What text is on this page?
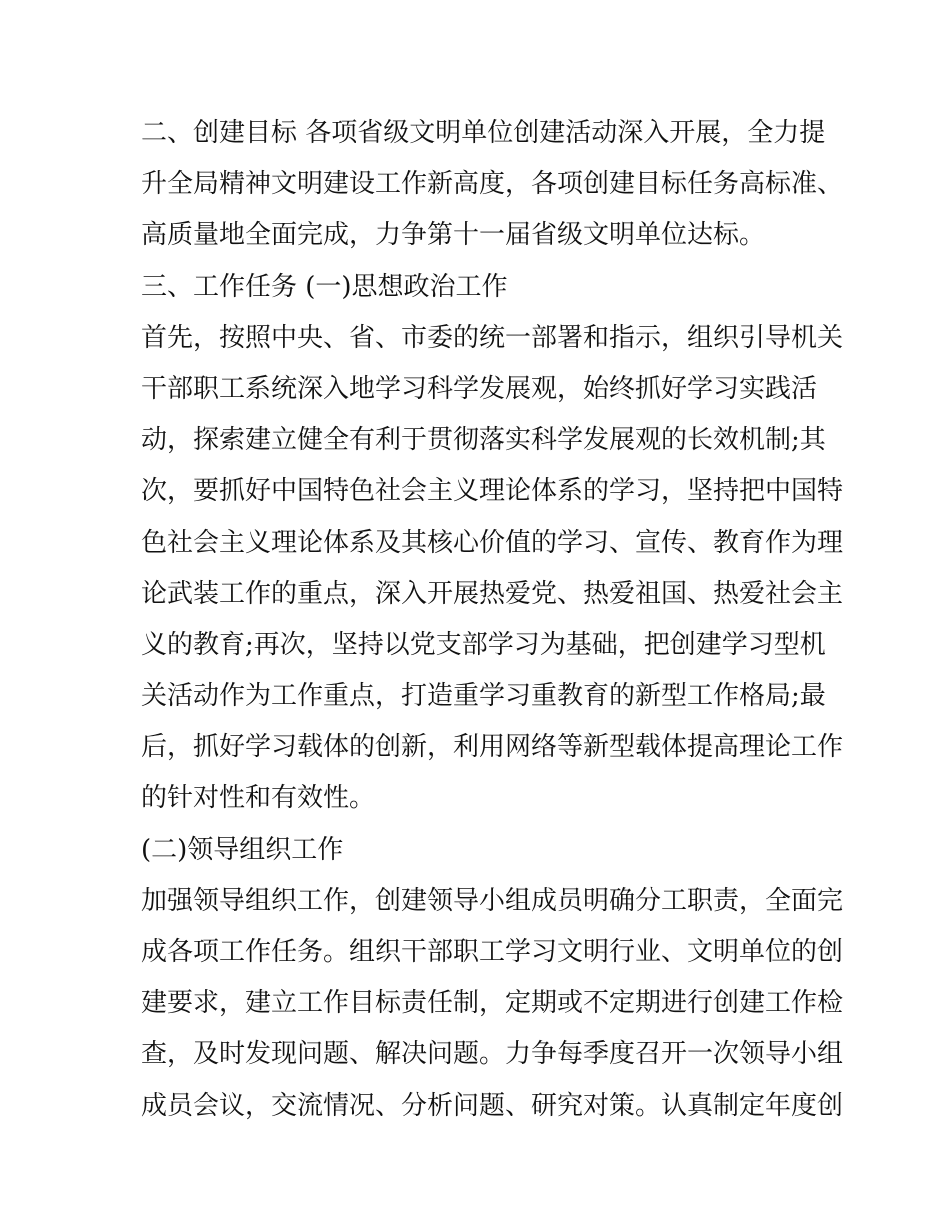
二、创建目标 各项省级文明单位创建活动深入开展，全力提
升全局精神文明建设工作新高度，各项创建目标任务高标准、
高质量地全面完成，力争第十一届省级文明单位达标。
三、工作任务 (一)思想政治工作
首先，按照中央、省、市委的统一部署和指示，组织引导机关
干部职工系统深入地学习科学发展观，始终抓好学习实践活
动，探索建立健全有利于贯彻落实科学发展观的长效机制;其
次，要抓好中国特色社会主义理论体系的学习，坚持把中国特
色社会主义理论体系及其核心价值的学习、宣传、教育作为理
论武装工作的重点，深入开展热爱党、热爱祖国、热爱社会主
义的教育;再次，坚持以党支部学习为基础，把创建学习型机
关活动作为工作重点，打造重学习重教育的新型工作格局;最
后，抓好学习载体的创新，利用网络等新型载体提高理论工作
的针对性和有效性。
(二)领导组织工作
加强领导组织工作，创建领导小组成员明确分工职责，全面完
成各项工作任务。组织干部职工学习文明行业、文明单位的创
建要求，建立工作目标责任制，定期或不定期进行创建工作检
查，及时发现问题、解决问题。力争每季度召开一次领导小组
成员会议，交流情况、分析问题、研究对策。认真制定年度创
